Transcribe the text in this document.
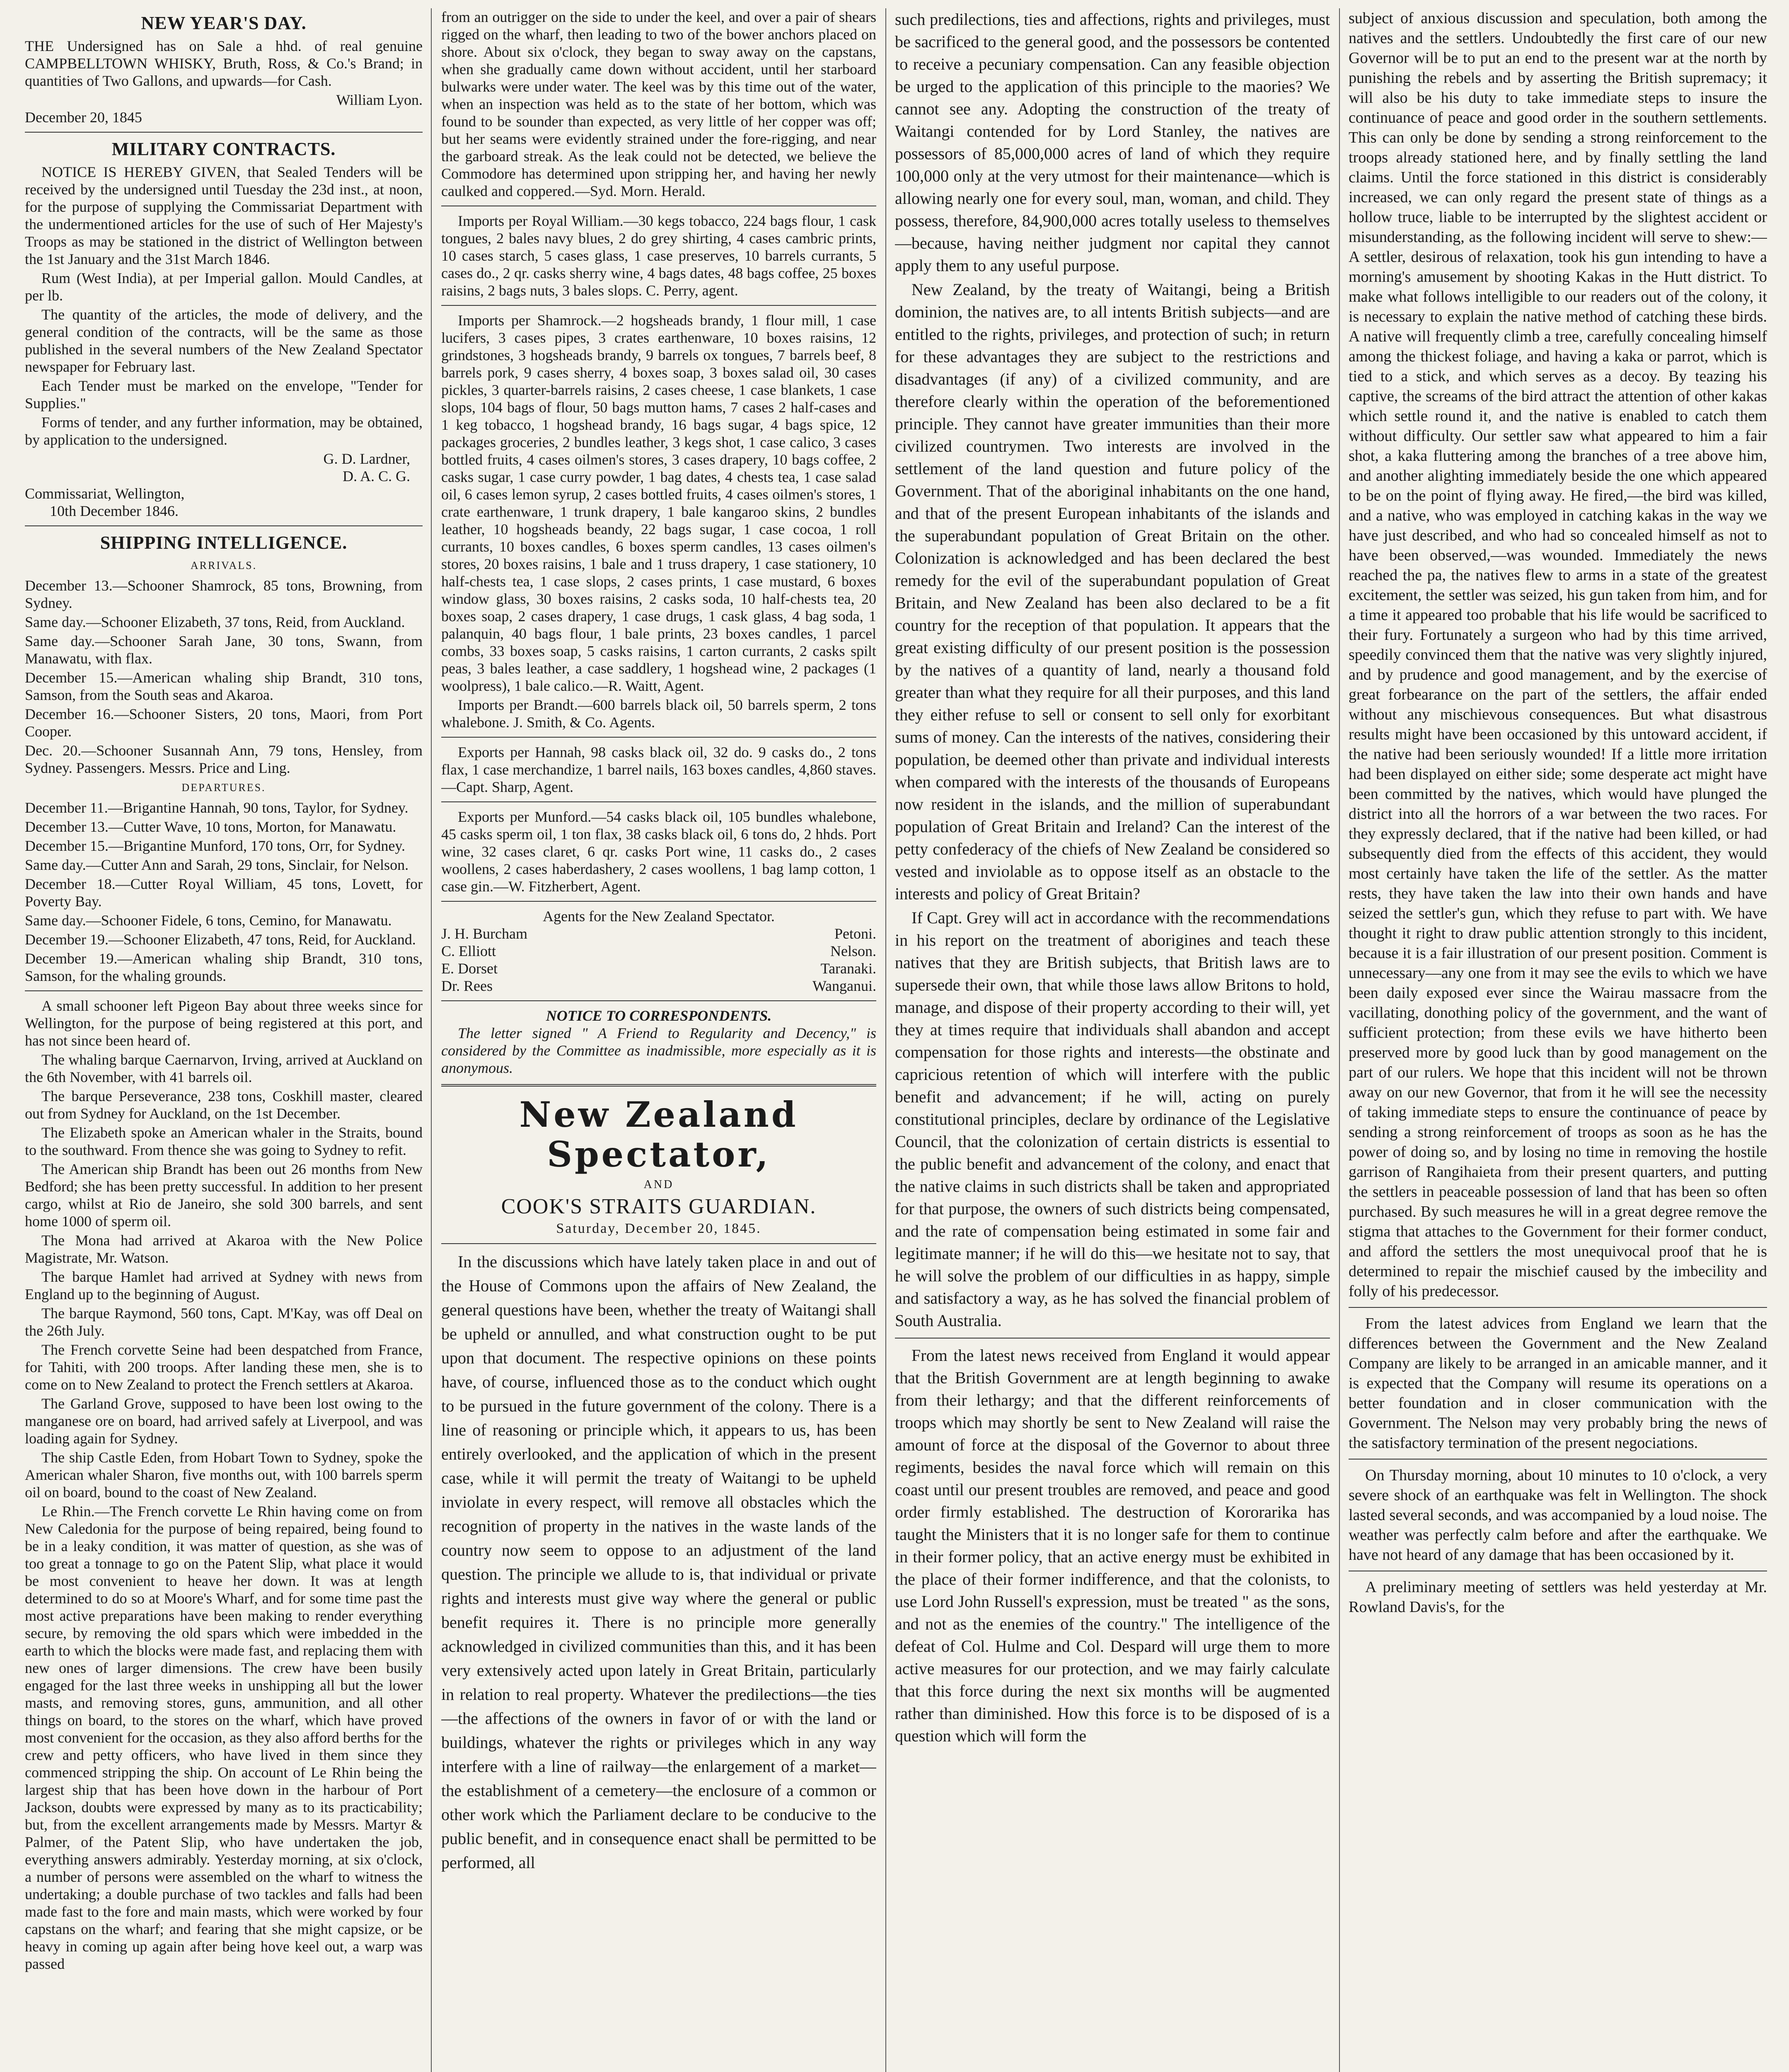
NEW YEAR'S DAY.

THE Undersigned has on Sale a hhd. of real genuine CAMPBELLTOWN WHISKY, Bruth, Ross, & Co.'s Brand; in quantities of Two Gallons, and upwards—for Cash.

William Lyon.
December 20, 1845
MILITARY CONTRACTS.

NOTICE IS HEREBY GIVEN, that Sealed Tenders will be received by the undersigned until Tuesday the 23d inst., at noon, for the purpose of supplying the Commissariat Department with the undermentioned articles for the use of such of Her Majesty's Troops as may be stationed in the district of Wellington between the 1st January and the 31st March 1846.

Rum (West India), at per Imperial gallon. Mould Candles, at per lb.

The quantity of the articles, the mode of delivery, and the general condition of the contracts, will be the same as those published in the several numbers of the New Zealand Spectator newspaper for February last.

Each Tender must be marked on the envelope, "Tender for Supplies."

Forms of tender, and any further information, may be obtained, by application to the undersigned.

G. D. Lardner,
D. A. C. G.
Commissariat, Wellington,
10th December 1846.
SHIPPING INTELLIGENCE.
ARRIVALS.

December 13.—Schooner Shamrock, 85 tons, Browning, from Sydney.

Same day.—Schooner Elizabeth, 37 tons, Reid, from Auckland.

Same day.—Schooner Sarah Jane, 30 tons, Swann, from Manawatu, with flax.

December 15.—American whaling ship Brandt, 310 tons, Samson, from the South seas and Akaroa.

December 16.—Schooner Sisters, 20 tons, Maori, from Port Cooper.

Dec. 20.—Schooner Susannah Ann, 79 tons, Hensley, from Sydney. Passengers. Messrs. Price and Ling.

DEPARTURES.

December 11.—Brigantine Hannah, 90 tons, Taylor, for Sydney.

December 13.—Cutter Wave, 10 tons, Morton, for Manawatu.

December 15.—Brigantine Munford, 170 tons, Orr, for Sydney.

Same day.—Cutter Ann and Sarah, 29 tons, Sinclair, for Nelson.

December 18.—Cutter Royal William, 45 tons, Lovett, for Poverty Bay.

Same day.—Schooner Fidele, 6 tons, Cemino, for Manawatu.

December 19.—Schooner Elizabeth, 47 tons, Reid, for Auckland.

December 19.—American whaling ship Brandt, 310 tons, Samson, for the whaling grounds.

A small schooner left Pigeon Bay about three weeks since for Wellington, for the purpose of being registered at this port, and has not since been heard of.

The whaling barque Caernarvon, Irving, arrived at Auckland on the 6th November, with 41 barrels oil.

The barque Perseverance, 238 tons, Coskhill master, cleared out from Sydney for Auckland, on the 1st December.

The Elizabeth spoke an American whaler in the Straits, bound to the southward. From thence she was going to Sydney to refit.

The American ship Brandt has been out 26 months from New Bedford; she has been pretty successful. In addition to her present cargo, whilst at Rio de Janeiro, she sold 300 barrels, and sent home 1000 of sperm oil.

The Mona had arrived at Akaroa with the New Police Magistrate, Mr. Watson.

The barque Hamlet had arrived at Sydney with news from England up to the beginning of August.

The barque Raymond, 560 tons, Capt. M'Kay, was off Deal on the 26th July.

The French corvette Seine had been despatched from France, for Tahiti, with 200 troops. After landing these men, she is to come on to New Zealand to protect the French settlers at Akaroa.

The Garland Grove, supposed to have been lost owing to the manganese ore on board, had arrived safely at Liverpool, and was loading again for Sydney.

The ship Castle Eden, from Hobart Town to Sydney, spoke the American whaler Sharon, five months out, with 100 barrels sperm oil on board, bound to the coast of New Zealand.

Le Rhin.—The French corvette Le Rhin having come on from New Caledonia for the purpose of being repaired, being found to be in a leaky condition, it was matter of question, as she was of too great a tonnage to go on the Patent Slip, what place it would be most convenient to heave her down. It was at length determined to do so at Moore's Wharf, and for some time past the most active preparations have been making to render everything secure, by removing the old spars which were imbedded in the earth to which the blocks were made fast, and replacing them with new ones of larger dimensions. The crew have been busily engaged for the last three weeks in unshipping all but the lower masts, and removing stores, guns, ammunition, and all other things on board, to the stores on the wharf, which have proved most convenient for the occasion, as they also afford berths for the crew and petty officers, who have lived in them since they commenced stripping the ship. On account of Le Rhin being the largest ship that has been hove down in the harbour of Port Jackson, doubts were expressed by many as to its practicability; but, from the excellent arrangements made by Messrs. Martyr & Palmer, of the Patent Slip, who have undertaken the job, everything answers admirably. Yesterday morning, at six o'clock, a number of persons were assembled on the wharf to witness the undertaking; a double purchase of two tackles and falls had been made fast to the fore and main masts, which were worked by four capstans on the wharf; and fearing that she might capsize, or be heavy in coming up again after being hove keel out, a warp was passed

from an outrigger on the side to under the keel, and over a pair of shears rigged on the wharf, then leading to two of the bower anchors placed on shore. About six o'clock, they began to sway away on the capstans, when she gradually came down without accident, until her starboard bulwarks were under water. The keel was by this time out of the water, when an inspection was held as to the state of her bottom, which was found to be sounder than expected, as very little of her copper was off; but her seams were evidently strained under the fore-rigging, and near the garboard streak. As the leak could not be detected, we believe the Commodore has determined upon stripping her, and having her newly caulked and coppered.—Syd. Morn. Herald.

Imports per Royal William.—30 kegs tobacco, 224 bags flour, 1 cask tongues, 2 bales navy blues, 2 do grey shirting, 4 cases cambric prints, 10 cases starch, 5 cases glass, 1 case preserves, 10 barrels currants, 5 cases do., 2 qr. casks sherry wine, 4 bags dates, 48 bags coffee, 25 boxes raisins, 2 bags nuts, 3 bales slops. C. Perry, agent.

Imports per Shamrock.—2 hogsheads brandy, 1 flour mill, 1 case lucifers, 3 cases pipes, 3 crates earthenware, 10 boxes raisins, 12 grindstones, 3 hogsheads brandy, 9 barrels ox tongues, 7 barrels beef, 8 barrels pork, 9 cases sherry, 4 boxes soap, 3 boxes salad oil, 30 cases pickles, 3 quarter-barrels raisins, 2 cases cheese, 1 case blankets, 1 case slops, 104 bags of flour, 50 bags mutton hams, 7 cases 2 half-cases and 1 keg tobacco, 1 hogshead brandy, 16 bags sugar, 4 bags spice, 12 packages groceries, 2 bundles leather, 3 kegs shot, 1 case calico, 3 cases bottled fruits, 4 cases oilmen's stores, 3 cases drapery, 10 bags coffee, 2 casks sugar, 1 case curry powder, 1 bag dates, 4 chests tea, 1 case salad oil, 6 cases lemon syrup, 2 cases bottled fruits, 4 cases oilmen's stores, 1 crate earthenware, 1 trunk drapery, 1 bale kangaroo skins, 2 bundles leather, 10 hogsheads beandy, 22 bags sugar, 1 case cocoa, 1 roll currants, 10 boxes candles, 6 boxes sperm candles, 13 cases oilmen's stores, 20 boxes raisins, 1 bale and 1 truss drapery, 1 case stationery, 10 half-chests tea, 1 case slops, 2 cases prints, 1 case mustard, 6 boxes window glass, 30 boxes raisins, 2 casks soda, 10 half-chests tea, 20 boxes soap, 2 cases drapery, 1 case drugs, 1 cask glass, 4 bag soda, 1 palanquin, 40 bags flour, 1 bale prints, 23 boxes candles, 1 parcel combs, 33 boxes soap, 5 casks raisins, 1 carton currants, 2 casks spilt peas, 3 bales leather, a case saddlery, 1 hogshead wine, 2 packages (1 woolpress), 1 bale calico.—R. Waitt, Agent.

Imports per Brandt.—600 barrels black oil, 50 barrels sperm, 2 tons whalebone. J. Smith, & Co. Agents.

Exports per Hannah, 98 casks black oil, 32 do. 9 casks do., 2 tons flax, 1 case merchandize, 1 barrel nails, 163 boxes candles, 4,860 staves.—Capt. Sharp, Agent.

Exports per Munford.—54 casks black oil, 105 bundles whalebone, 45 casks sperm oil, 1 ton flax, 38 casks black oil, 6 tons do, 2 hhds. Port wine, 32 cases claret, 6 qr. casks Port wine, 11 casks do., 2 cases woollens, 2 cases haberdashery, 2 cases woollens, 1 bag lamp cotton, 1 case gin.—W. Fitzherbert, Agent.

Agents for the New Zealand Spectator.
J. H. Burcham	Petoni.
C. Elliott	Nelson.
E. Dorset	Taranaki.
Dr. Rees	Wanganui.
NOTICE TO CORRESPONDENTS.

The letter signed " A Friend to Regularity and Decency," is considered by the Committee as inadmissible, more especially as it is anonymous.

New Zealand Spectator,
AND
COOK'S STRAITS GUARDIAN.
Saturday, December 20, 1845.

In the discussions which have lately taken place in and out of the House of Commons upon the affairs of New Zealand, the general questions have been, whether the treaty of Waitangi shall be upheld or annulled, and what construction ought to be put upon that document. The respective opinions on these points have, of course, influenced those as to the conduct which ought to be pursued in the future government of the colony. There is a line of reasoning or principle which, it appears to us, has been entirely overlooked, and the application of which in the present case, while it will permit the treaty of Waitangi to be upheld inviolate in every respect, will remove all obstacles which the recognition of property in the natives in the waste lands of the country now seem to oppose to an adjustment of the land question. The principle we allude to is, that individual or private rights and interests must give way where the general or public benefit requires it. There is no principle more generally acknowledged in civilized communities than this, and it has been very extensively acted upon lately in Great Britain, particularly in relation to real property. Whatever the predilections—the ties—the affections of the owners in favor of or with the land or buildings, whatever the rights or privileges which in any way interfere with a line of railway—the enlargement of a market—the establishment of a cemetery—the enclosure of a common or other work which the Parliament declare to be conducive to the public benefit, and in consequence enact shall be permitted to be performed, all

such predilections, ties and affections, rights and privileges, must be sacrificed to the general good, and the possessors be contented to receive a pecuniary compensation. Can any feasible objection be urged to the application of this principle to the maories? We cannot see any. Adopting the construction of the treaty of Waitangi contended for by Lord Stanley, the natives are possessors of 85,000,000 acres of land of which they require 100,000 only at the very utmost for their maintenance—which is allowing nearly one for every soul, man, woman, and child. They possess, therefore, 84,900,000 acres totally useless to themselves—because, having neither judgment nor capital they cannot apply them to any useful purpose.

New Zealand, by the treaty of Waitangi, being a British dominion, the natives are, to all intents British subjects—and are entitled to the rights, privileges, and protection of such; in return for these advantages they are subject to the restrictions and disadvantages (if any) of a civilized community, and are therefore clearly within the operation of the beforementioned principle. They cannot have greater immunities than their more civilized countrymen. Two interests are involved in the settlement of the land question and future policy of the Government. That of the aboriginal inhabitants on the one hand, and that of the present European inhabitants of the islands and the superabundant population of Great Britain on the other. Colonization is acknowledged and has been declared the best remedy for the evil of the superabundant population of Great Britain, and New Zealand has been also declared to be a fit country for the reception of that population. It appears that the great existing difficulty of our present position is the possession by the natives of a quantity of land, nearly a thousand fold greater than what they require for all their purposes, and this land they either refuse to sell or consent to sell only for exorbitant sums of money. Can the interests of the natives, considering their population, be deemed other than private and individual interests when compared with the interests of the thousands of Europeans now resident in the islands, and the million of superabundant population of Great Britain and Ireland? Can the interest of the petty confederacy of the chiefs of New Zealand be considered so vested and inviolable as to oppose itself as an obstacle to the interests and policy of Great Britain?

If Capt. Grey will act in accordance with the recommendations in his report on the treatment of aborigines and teach these natives that they are British subjects, that British laws are to supersede their own, that while those laws allow Britons to hold, manage, and dispose of their property according to their will, yet they at times require that individuals shall abandon and accept compensation for those rights and interests—the obstinate and capricious retention of which will interfere with the public benefit and advancement; if he will, acting on purely constitutional principles, declare by ordinance of the Legislative Council, that the colonization of certain districts is essential to the public benefit and advancement of the colony, and enact that the native claims in such districts shall be taken and appropriated for that purpose, the owners of such districts being compensated, and the rate of compensation being estimated in some fair and legitimate manner; if he will do this—we hesitate not to say, that he will solve the problem of our difficulties in as happy, simple and satisfactory a way, as he has solved the financial problem of South Australia.

From the latest news received from England it would appear that the British Government are at length beginning to awake from their lethargy; and that the different reinforcements of troops which may shortly be sent to New Zealand will raise the amount of force at the disposal of the Governor to about three regiments, besides the naval force which will remain on this coast until our present troubles are removed, and peace and good order firmly established. The destruction of Kororarika has taught the Ministers that it is no longer safe for them to continue in their former policy, that an active energy must be exhibited in the place of their former indifference, and that the colonists, to use Lord John Russell's expression, must be treated " as the sons, and not as the enemies of the country." The intelligence of the defeat of Col. Hulme and Col. Despard will urge them to more active measures for our protection, and we may fairly calculate that this force during the next six months will be augmented rather than diminished. How this force is to be disposed of is a question which will form the

subject of anxious discussion and speculation, both among the natives and the settlers. Undoubtedly the first care of our new Governor will be to put an end to the present war at the north by punishing the rebels and by asserting the British supremacy; it will also be his duty to take immediate steps to insure the continuance of peace and good order in the southern settlements. This can only be done by sending a strong reinforcement to the troops already stationed here, and by finally settling the land claims. Until the force stationed in this district is considerably increased, we can only regard the present state of things as a hollow truce, liable to be interrupted by the slightest accident or misunderstanding, as the following incident will serve to shew:—A settler, desirous of relaxation, took his gun intending to have a morning's amusement by shooting Kakas in the Hutt district. To make what follows intelligible to our readers out of the colony, it is necessary to explain the native method of catching these birds. A native will frequently climb a tree, carefully concealing himself among the thickest foliage, and having a kaka or parrot, which is tied to a stick, and which serves as a decoy. By teazing his captive, the screams of the bird attract the attention of other kakas which settle round it, and the native is enabled to catch them without difficulty. Our settler saw what appeared to him a fair shot, a kaka fluttering among the branches of a tree above him, and another alighting immediately beside the one which appeared to be on the point of flying away. He fired,—the bird was killed, and a native, who was employed in catching kakas in the way we have just described, and who had so concealed himself as not to have been observed,—was wounded. Immediately the news reached the pa, the natives flew to arms in a state of the greatest excitement, the settler was seized, his gun taken from him, and for a time it appeared too probable that his life would be sacrificed to their fury. Fortunately a surgeon who had by this time arrived, speedily convinced them that the native was very slightly injured, and by prudence and good management, and by the exercise of great forbearance on the part of the settlers, the affair ended without any mischievous consequences. But what disastrous results might have been occasioned by this untoward accident, if the native had been seriously wounded! If a little more irritation had been displayed on either side; some desperate act might have been committed by the natives, which would have plunged the district into all the horrors of a war between the two races. For they expressly declared, that if the native had been killed, or had subsequently died from the effects of this accident, they would most certainly have taken the life of the settler. As the matter rests, they have taken the law into their own hands and have seized the settler's gun, which they refuse to part with. We have thought it right to draw public attention strongly to this incident, because it is a fair illustration of our present position. Comment is unnecessary—any one from it may see the evils to which we have been daily exposed ever since the Wairau massacre from the vacillating, donothing policy of the government, and the want of sufficient protection; from these evils we have hitherto been preserved more by good luck than by good management on the part of our rulers. We hope that this incident will not be thrown away on our new Governor, that from it he will see the necessity of taking immediate steps to ensure the continuance of peace by sending a strong reinforcement of troops as soon as he has the power of doing so, and by losing no time in removing the hostile garrison of Rangihaieta from their present quarters, and putting the settlers in peaceable possession of land that has been so often purchased. By such measures he will in a great degree remove the stigma that attaches to the Government for their former conduct, and afford the settlers the most unequivocal proof that he is determined to repair the mischief caused by the imbecility and folly of his predecessor.

From the latest advices from England we learn that the differences between the Government and the New Zealand Company are likely to be arranged in an amicable manner, and it is expected that the Company will resume its operations on a better foundation and in closer communication with the Government. The Nelson may very probably bring the news of the satisfactory termination of the present negociations.

On Thursday morning, about 10 minutes to 10 o'clock, a very severe shock of an earthquake was felt in Wellington. The shock lasted several seconds, and was accompanied by a loud noise. The weather was perfectly calm before and after the earthquake. We have not heard of any damage that has been occasioned by it.

A preliminary meeting of settlers was held yesterday at Mr. Rowland Davis's, for the
